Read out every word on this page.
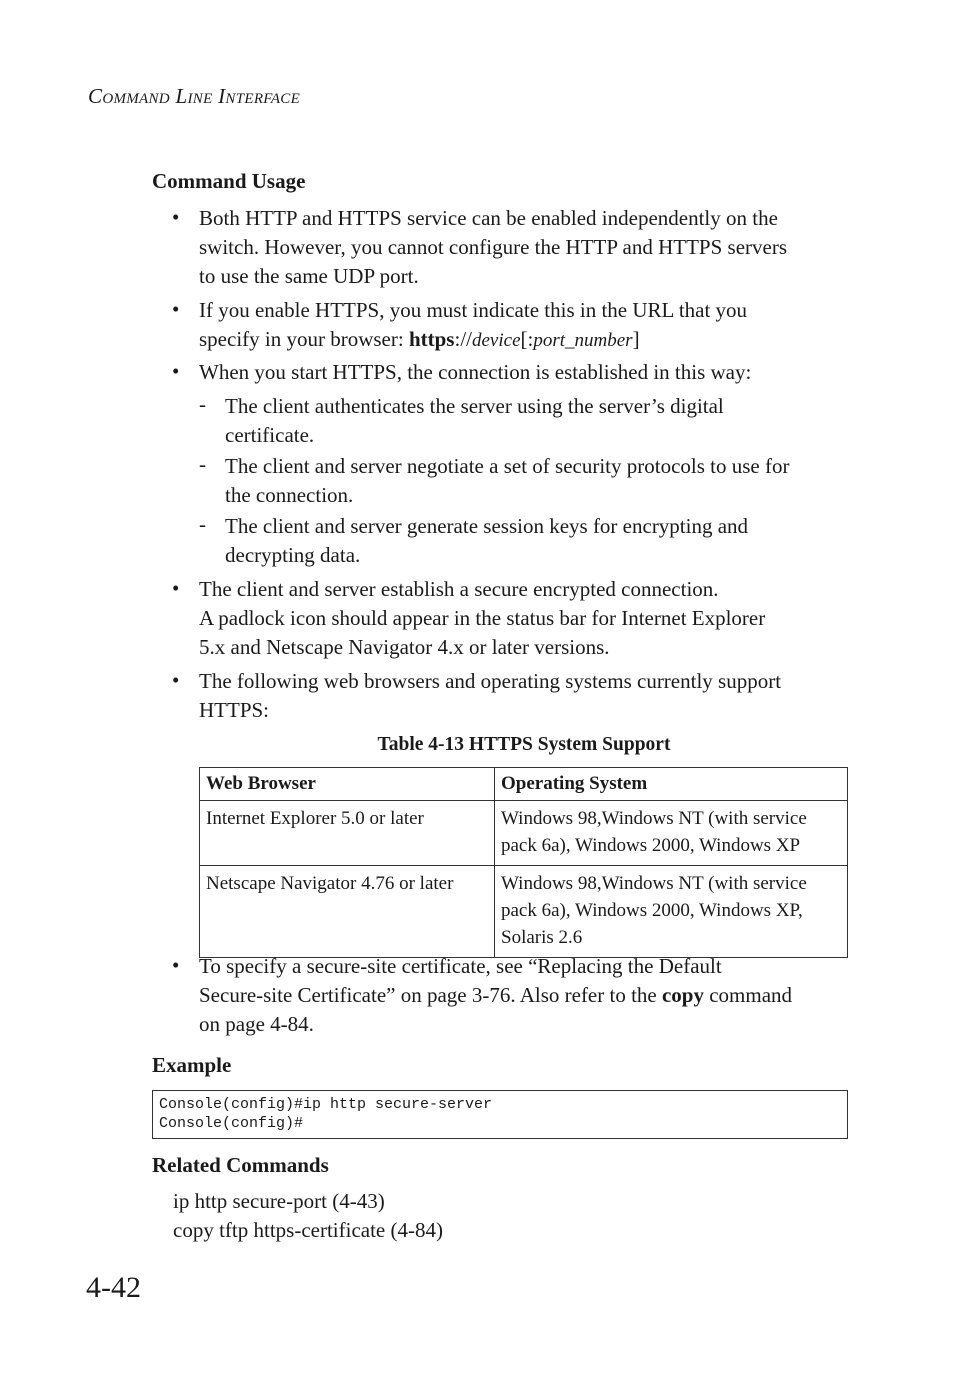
COMMAND LINE INTERFACE
Command Usage
• Both HTTP and HTTPS service can be enabled independently on the
switch. However, you cannot configure the HTTP and HTTPS servers
to use the same UDP port.
• If you enable HTTPS, you must indicate this in the URL that you
specify in your browser: https://device[:port_number]
• When you start HTTPS, the connection is established in this way:
- The client authenticates the server using the server’s digital
certificate.
- The client and server negotiate a set of security protocols to use for
the connection.
- The client and server generate session keys for encrypting and
decrypting data.
• The client and server establish a secure encrypted connection.
A padlock icon should appear in the status bar for Internet Explorer
5.x and Netscape Navigator 4.x or later versions.
• The following web browsers and operating systems currently support
HTTPS:
Table 4-13 HTTPS System Support
Web Browser	Operating System
Internet Explorer 5.0 or later	Windows 98,Windows NT (with service
pack 6a), Windows 2000, Windows XP

Netscape Navigator 4.76 or later	Windows 98,Windows NT (with service
pack 6a), Windows 2000, Windows XP,
Solaris 2.6
• To specify a secure-site certificate, see “Replacing the Default
Secure-site Certificate” on page 3-76. Also refer to the copy command
on page 4-84.
Example
Console(config)#ip http secure-server
Console(config)#
Related Commands
ip http secure-port (4-43)
copy tftp https-certificate (4-84)
4-42
